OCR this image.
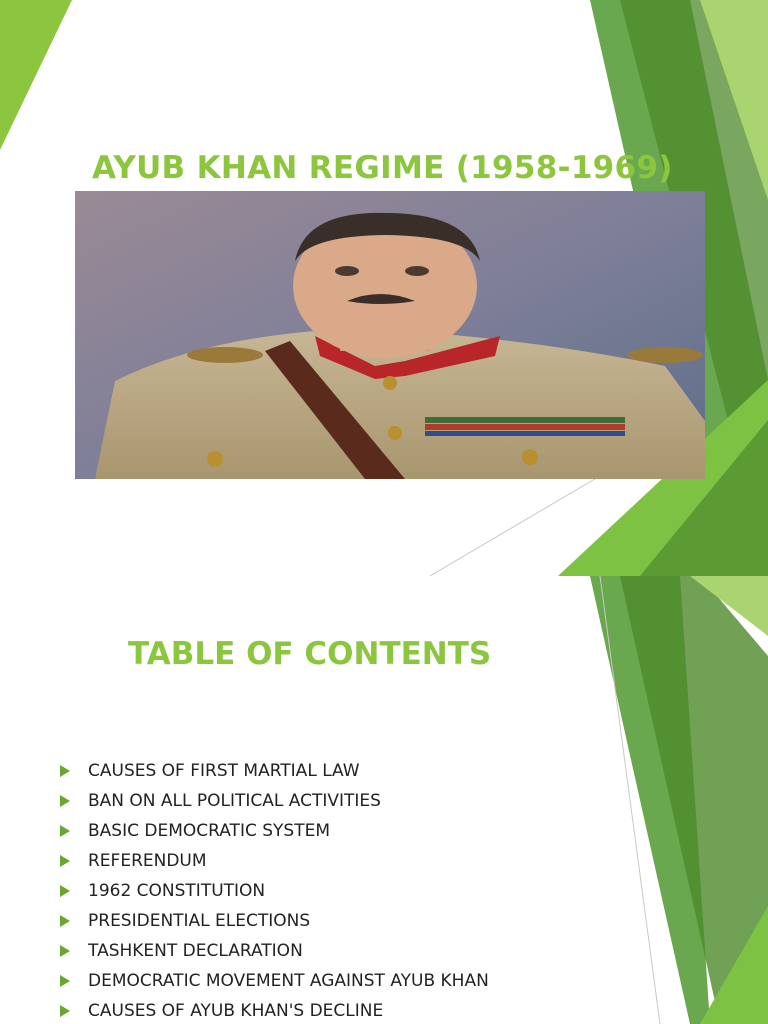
AYUB KHAN REGIME (1958-1969)
TABLE OF CONTENTS
CAUSES OF FIRST MARTIAL LAW
BAN ON ALL POLITICAL ACTIVITIES
BASIC DEMOCRATIC SYSTEM
REFERENDUM
1962 CONSTITUTION
PRESIDENTIAL ELECTIONS
TASHKENT DECLARATION
DEMOCRATIC MOVEMENT AGAINST AYUB KHAN
CAUSES OF AYUB KHAN'S DECLINE
